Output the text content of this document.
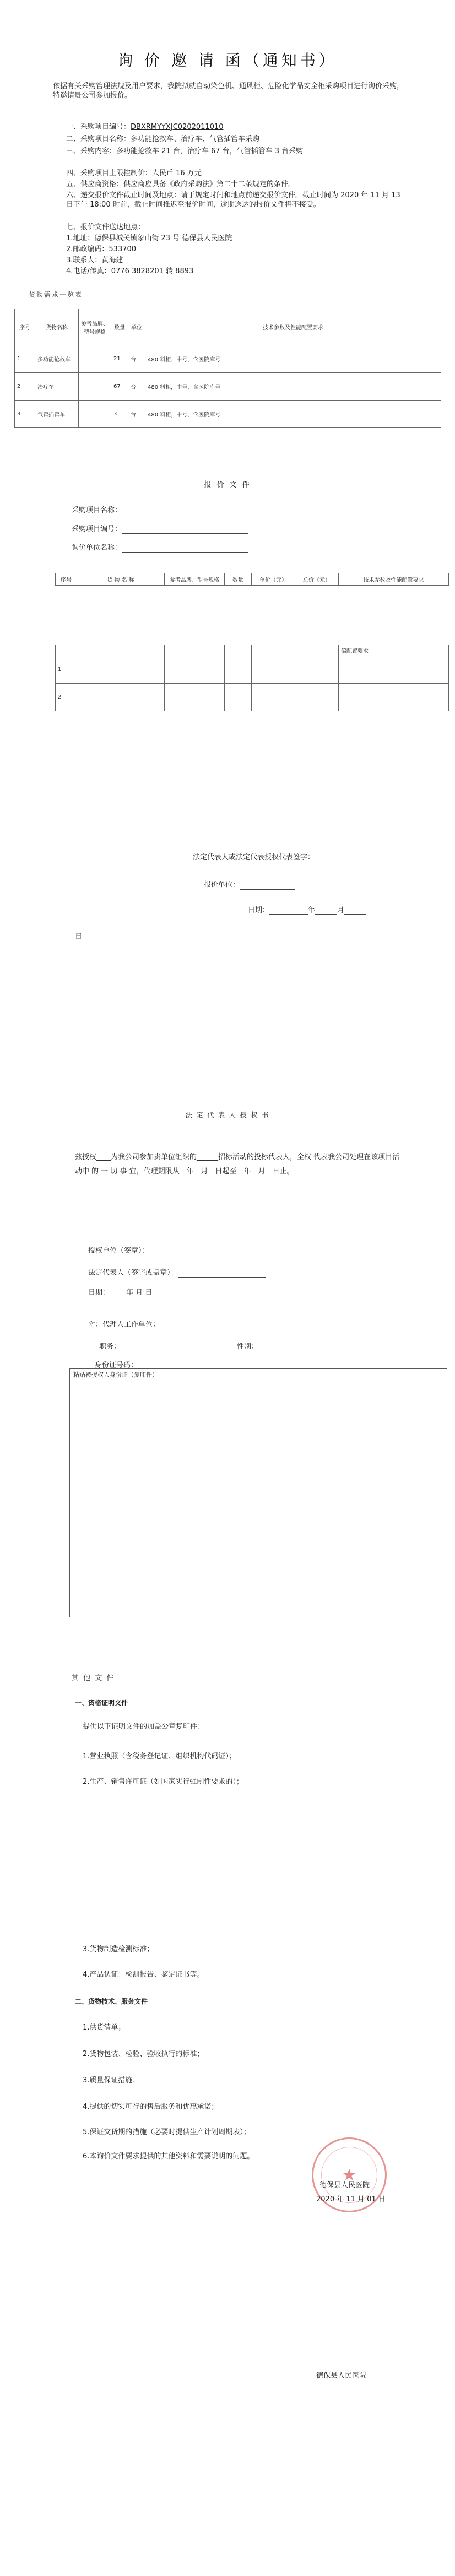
询 价 邀 请 函（通知书）
依据有关采购管理法规及用户要求，我院拟就自动染色机、通风柜、危险化学品安全柜采购项目进行询价采购，特邀请贵公司参加报价。
一、采购项目编号：DBXRMYYXJC0202011010
二、采购项目名称：多功能抢救车、治疗车、气管插管车采购
三、采购内容：多功能抢救车 21 台，治疗车 67 台，气管插管车 3 台采购
四、采购项目上限控制价：人民币 16 万元
五、供应商资格：供应商应具备《政府采购法》第二十二条规定的条件。
六、递交报价文件截止时间及地点：请于规定时间和地点前递交报价文件。截止时间为 2020 年 11 月 13 日下午 18:00 时前，截止时间推迟至报价时间，逾期送达的报价文件将不接受。
七、报价文件送达地点：
1.地址：德保县城关镇象山街 23 号 德保县人民医院
2.邮政编码：533700
3.联系人：黄海建
4.电话/传真：0776 3828201 转 8893
货物需求一览表
序号	货物名称	参考品牌、型号规格	数量	单位	技术参数及性能配置要求
1	多功能抢救车		21	台	480 料柜，中号，含医院库号
2	治疗车		67	台	480 料柜，中号，含医院库号
3	气管插管车		3	台	480 料柜，中号，含医院库号
报 价 文 件
采购项目名称：
采购项目编号：
询价单位名称：
序号	货 物 名 称	参考品牌、型号规格	数量	单价（元）	总价（元）	技术参数及性能配置要求
						偏配置要求
1						
2						
法定代表人或法定代表授权代表签字：
报价单位：
日期：	年	月
日
法 定 代 表 人 授 权 书
兹授权____为我公司参加贵单位组织的______招标活动的投标代表人，全权 代表我公司处理在该项目活动中 的 一 切 事 宜，代理期限从__年__月__日起至__年__月__日止。
授权单位（签章）：
法定代表人（签字或盖章）：
日期： 年 月 日
附：代理人工作单位：
职务：	性别：
身份证号码：
粘贴被授权人身份证（复印件）
其 他 文 件
一、资格证明文件
提供以下证明文件的加盖公章复印件：
1.营业执照（含税务登记证、组织机构代码证）；
2.生产、销售许可证（如国家实行强制性要求的）；
3.货物制造检测标准；
4.产品认证：检测报告、鉴定证书等。
二、货物技术、服务文件
1.供货清单；
2.货物包装、检验、验收执行的标准；
3.质量保证措施；
4.提供的切实可行的售后服务和优惠承诺；
5.保证交货期的措施（必要时提供生产计划周期表）；
6.本询价文件要求提供的其他资料和需要说明的问题。
★
德保县人民医院
2020 年 11 月 01 日
德保县人民医院
